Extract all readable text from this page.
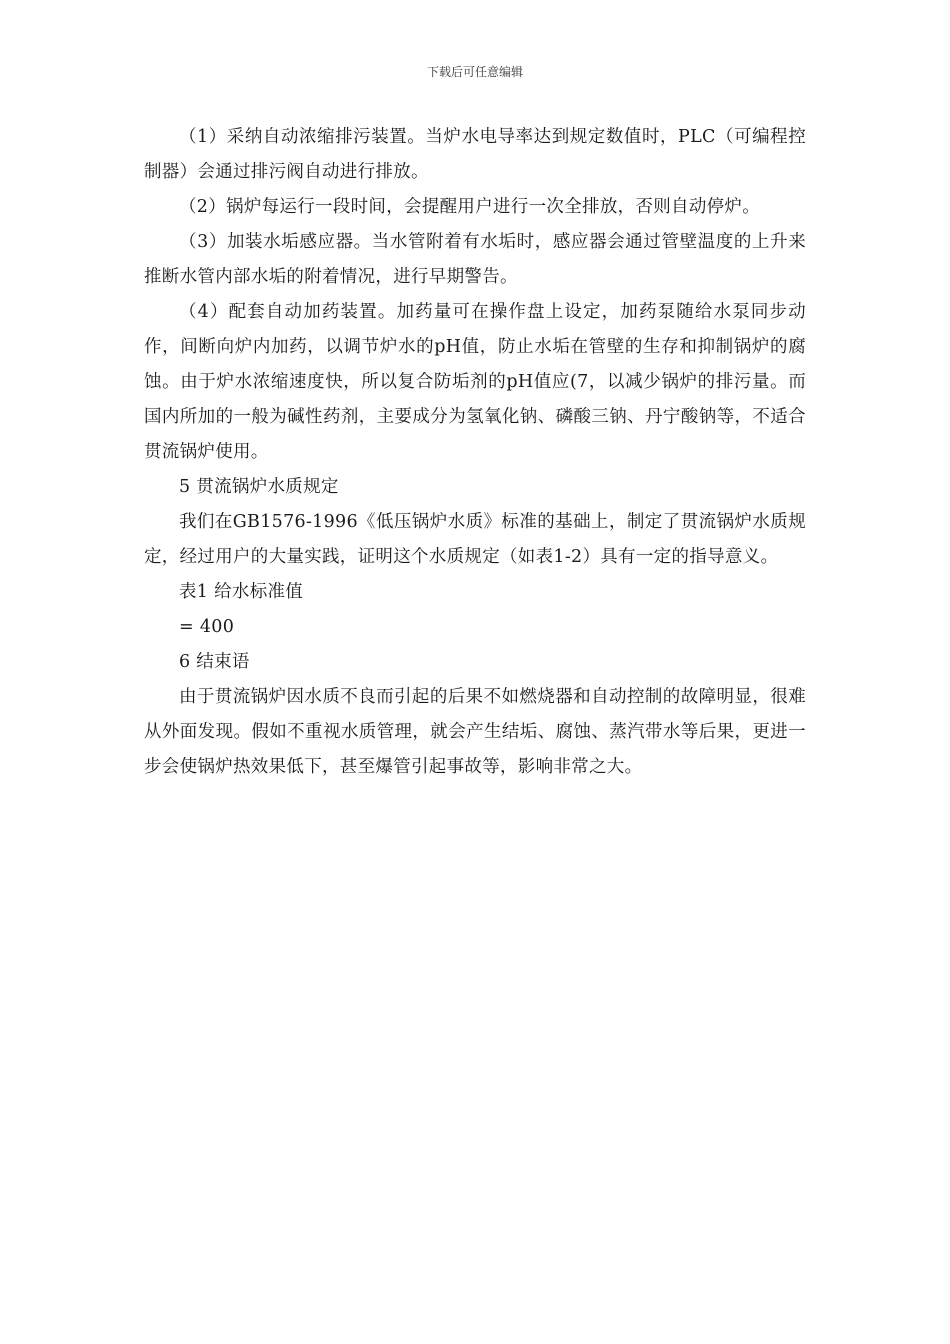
下载后可任意编辑

（1）采纳自动浓缩排污装置。当炉水电导率达到规定数值时，PLC（可编程控制器）会通过排污阀自动进行排放。

（2）锅炉每运行一段时间，会提醒用户进行一次全排放，否则自动停炉。

（3）加装水垢感应器。当水管附着有水垢时，感应器会通过管壁温度的上升来推断水管内部水垢的附着情况，进行早期警告。

（4）配套自动加药装置。加药量可在操作盘上设定，加药泵随给水泵同步动作，间断向炉内加药，以调节炉水的pH值，防止水垢在管壁的生存和抑制锅炉的腐蚀。由于炉水浓缩速度快，所以复合防垢剂的pH值应(7，以减少锅炉的排污量。而国内所加的一般为碱性药剂，主要成分为氢氧化钠、磷酸三钠、丹宁酸钠等，不适合贯流锅炉使用。

5 贯流锅炉水质规定

我们在GB1576-1996《低压锅炉水质》标准的基础上，制定了贯流锅炉水质规定，经过用户的大量实践，证明这个水质规定（如表1-2）具有一定的指导意义。

表1 给水标准值

= 400

6 结束语

由于贯流锅炉因水质不良而引起的后果不如燃烧器和自动控制的故障明显，很难从外面发现。假如不重视水质管理，就会产生结垢、腐蚀、蒸汽带水等后果，更进一步会使锅炉热效果低下，甚至爆管引起事故等，影响非常之大。
